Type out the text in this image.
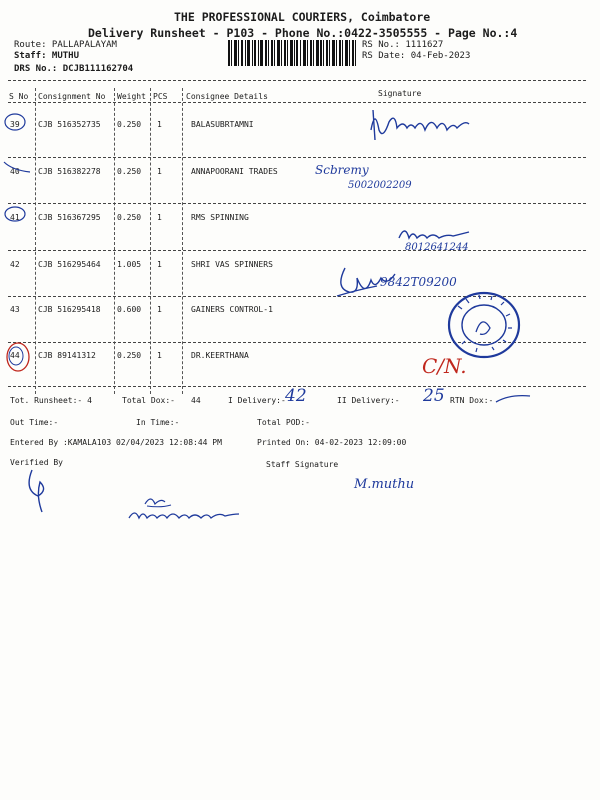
THE PROFESSIONAL COURIERS, Coimbatore
Delivery Runsheet - P103 - Phone No.:0422-3505555 - Page No.:4
Route: PALLAPALAYAM
Staff: MUTHU
DRS No.: DCJB111162704
RS No.: 1111627
RS Date: 04-Feb-2023
S No Consignment No Weight PCS Consignee Details	Signature
39 CJB 516352735 0.250 1	BALASUBRTAMNI
40 CJB 516382278 0.250 1	ANNAPOORANI TRADES
41 CJB 516367295 0.250 1	RMS SPINNING
42 CJB 516295464 1.005 1	SHRI VAS SPINNERS
43 CJB 516295418 0.600 1	GAINERS CONTROL-1
44 CJB 89141312	0.250 1	DR.KEERTHANA
Scbremy
5002002209
8012641244
9842T09200
C/N.
Tot. Runsheet:- 4	Total Dox:- 44	I Delivery:- 42	II Delivery:- 25 RTN Dox:-
Out Time:-	In Time:-	Total POD:-
Entered By :KAMALA103 02/04/2023 12:08:44 PM	Printed On: 04-02-2023 12:09:00
Verified By	Staff Signature
M.muthu
